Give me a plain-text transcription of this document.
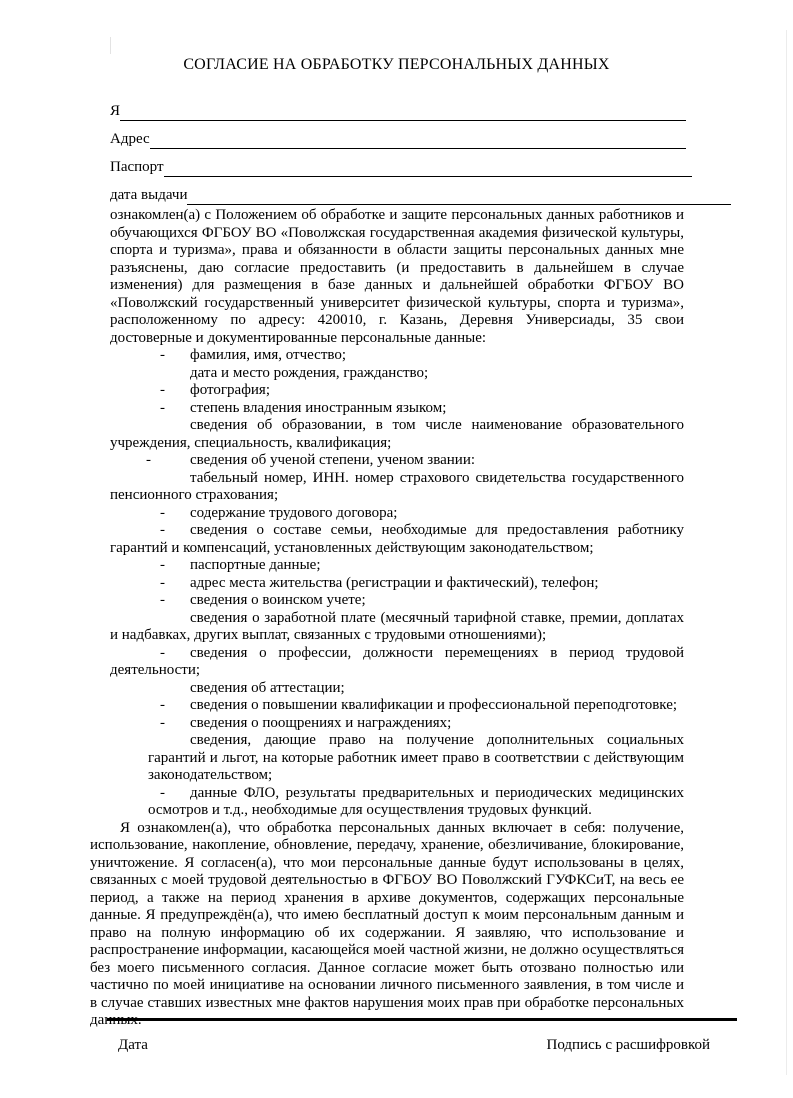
СОГЛАСИЕ НА ОБРАБОТКУ ПЕРСОНАЛЬНЫХ ДАННЫХ
Я
Адрес
Паспорт
дата выдачи
ознакомлен(а) с Положением об обработке и защите персональных данных работников и обучающихся ФГБОУ ВО «Поволжская государственная академия физической культуры, спорта и туризма», права и обязанности в области защиты персональных данных мне разъяснены, даю согласие предоставить (и предоставить в дальнейшем в случае изменения) для размещения в базе данных и дальнейшей обработки ФГБОУ ВО «Поволжский государственный университет физической культуры, спорта и туризма», расположенному по адресу: 420010, г. Казань, Деревня Универсиады, 35 свои достоверные и документированные персональные данные:
- фамилия, имя, отчество;
дата и место рождения, гражданство;
- фотография;
- степень владения иностранным языком;
сведения об образовании, в том числе наименование образовательного учреждения, специальность, квалификация;
-	сведения об ученой степени, ученом звании:
табельный номер, ИНН. номер страхового свидетельства государственного пенсионного страхования;
- содержание трудового договора;
- сведения о составе семьи, необходимые для предоставления работнику гарантий и компенсаций, установленных действующим законодательством;
- паспортные данные;
- адрес места жительства (регистрации и фактический), телефон;
- сведения о воинском учете;
сведения о заработной плате (месячный тарифной ставке, премии, доплатах и надбавках, других выплат, связанных с трудовыми отношениями);
- сведения о профессии, должности перемещениях в период трудовой деятельности;
сведения об аттестации;
- сведения о повышении квалификации и профессиональной переподготовке;
- сведения о поощрениях и награждениях;
сведения, дающие право на получение дополнительных социальных гарантий и льгот, на которые работник имеет право в соответствии с действующим законодательством;
- данные ФЛО, результаты предварительных и периодических медицинских осмотров и т.д., необходимые для осуществления трудовых функций.
Я ознакомлен(а), что обработка персональных данных включает в себя: получение, использование, накопление, обновление, передачу, хранение, обезличивание, блокирование, уничтожение. Я согласен(а), что мои персональные данные будут использованы в целях, связанных с моей трудовой деятельностью в ФГБОУ ВО Поволжский ГУФКСиТ, на весь ее период, а также на период хранения в архиве документов, содержащих персональные данные. Я предупреждён(а), что имею бесплатный доступ к моим персональным данным и право на полную информацию об их содержании. Я заявляю, что использование и распространение информации, касающейся моей частной жизни, не должно осуществляться без моего письменного согласия. Данное согласие может быть отозвано полностью или частично по моей инициативе на основании личного письменного заявления, в том числе и в случае ставших известных мне фактов нарушения моих прав при обработке персональных данных.
Дата	Подпись с расшифровкой
